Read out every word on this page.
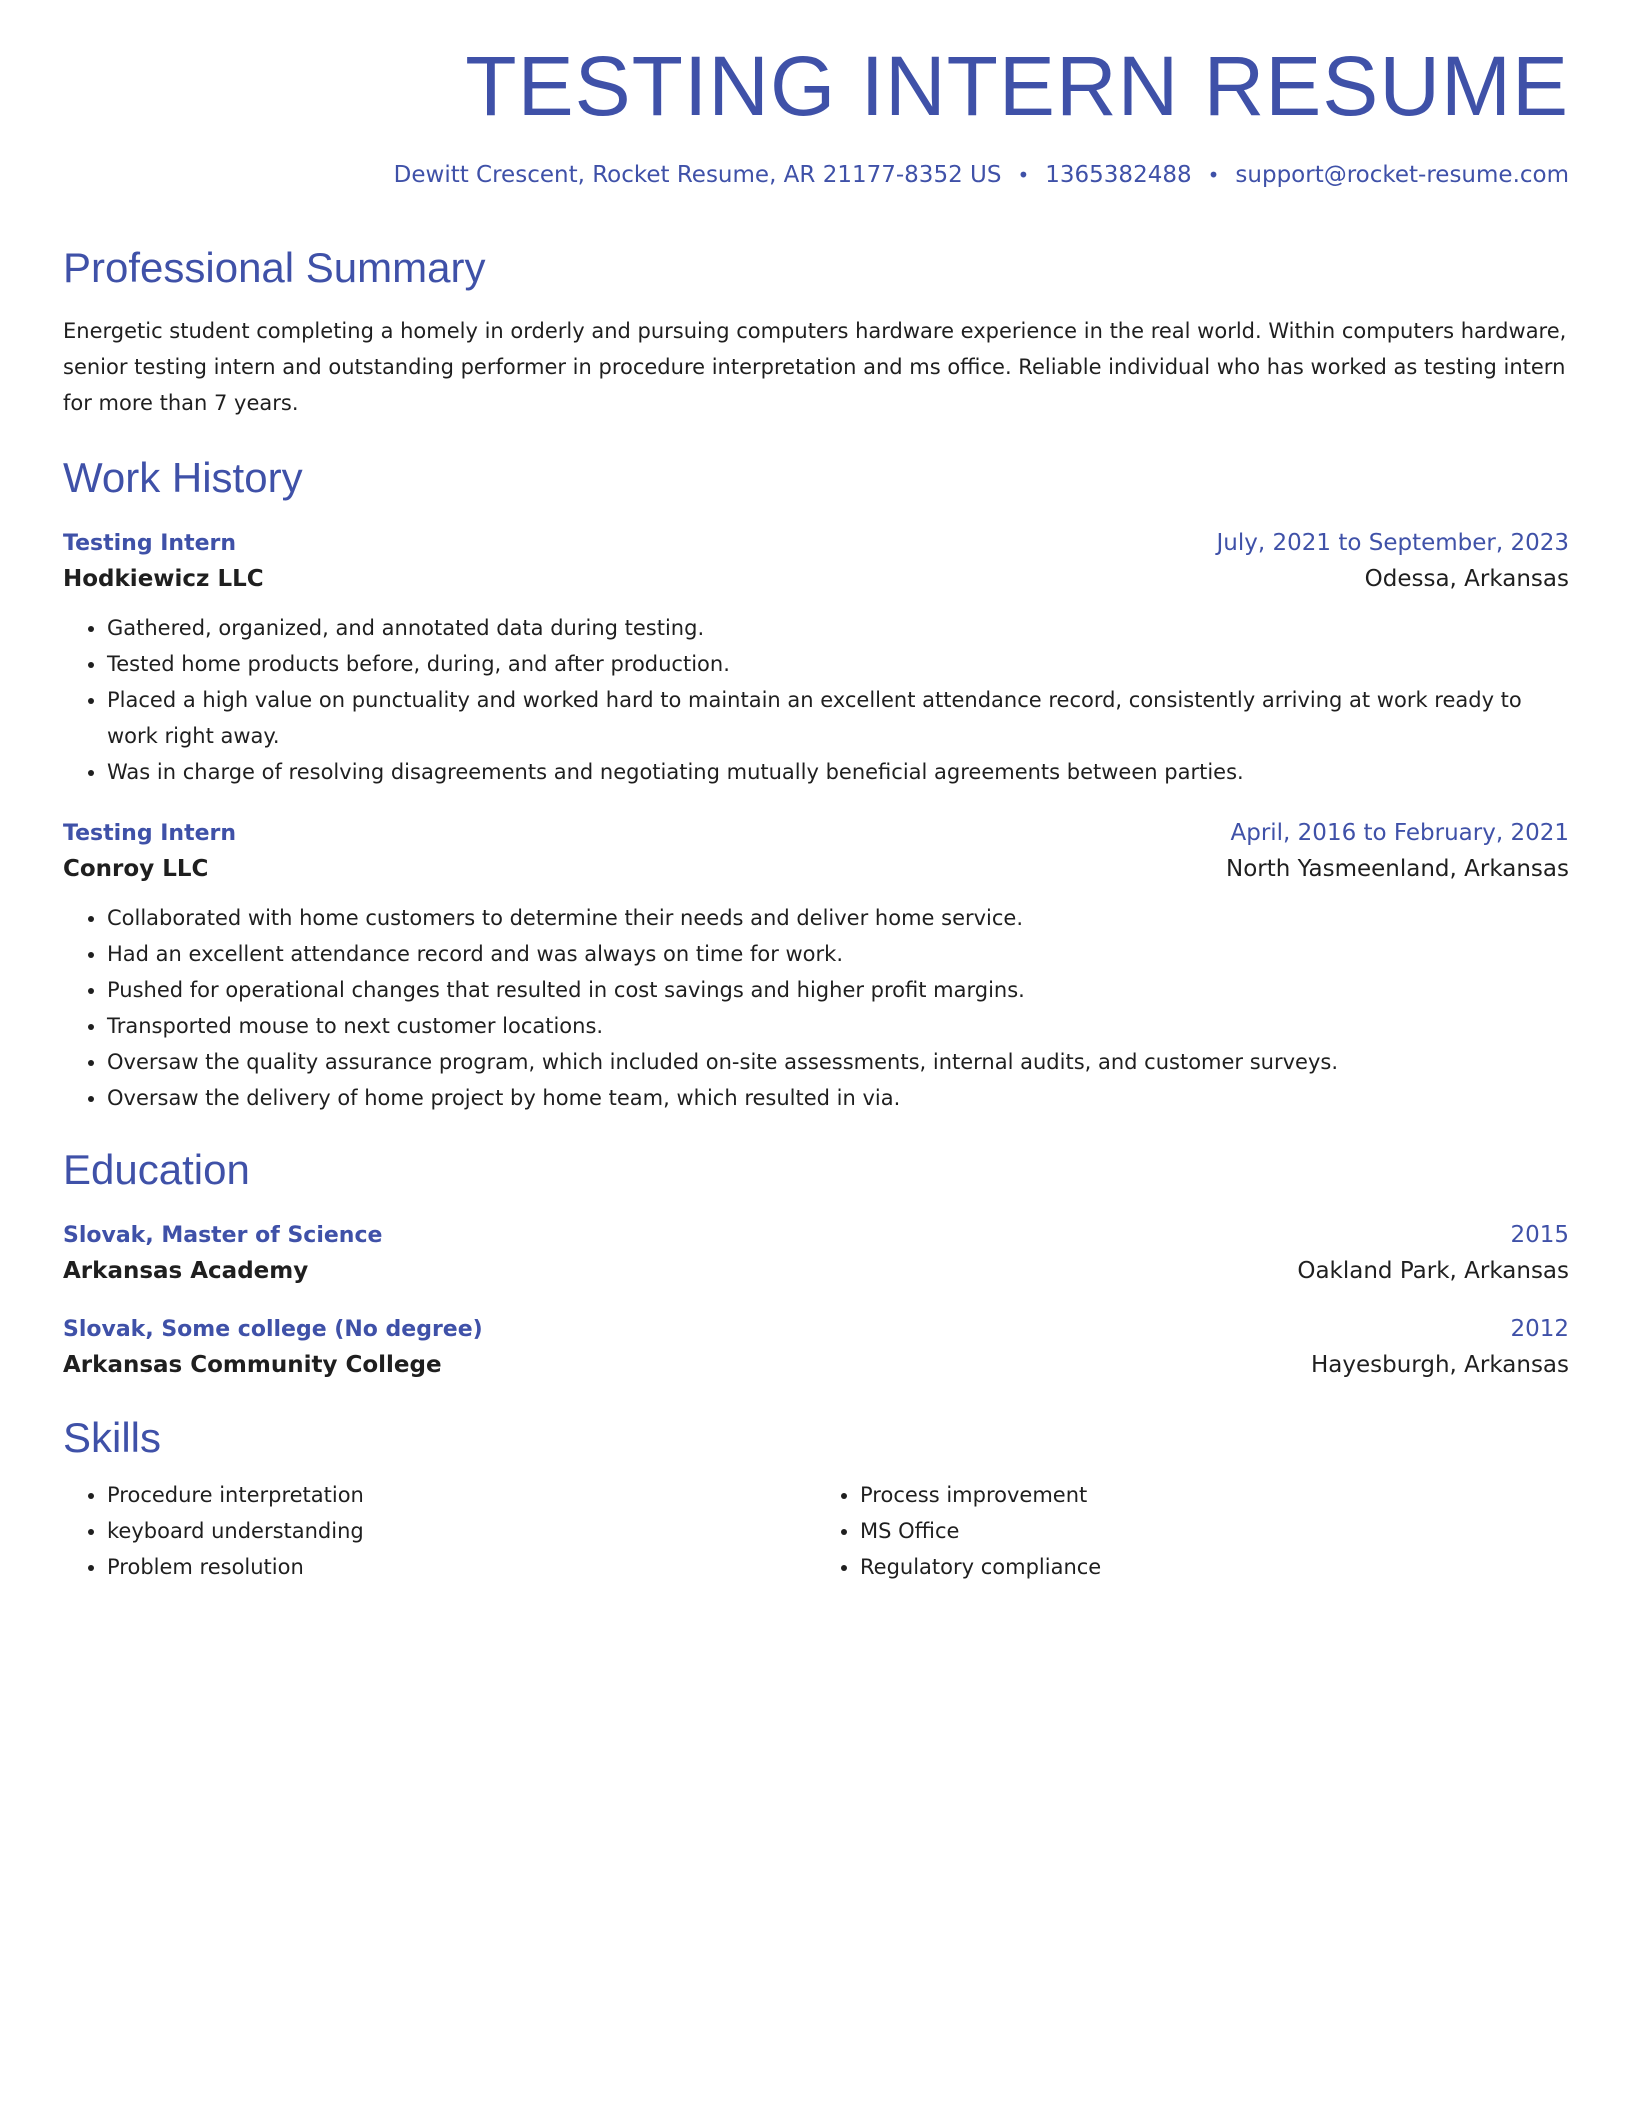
TESTING INTERN RESUME
Dewitt Crescent, Rocket Resume, AR 21177-8352 US • 1365382488 • support@rocket-resume.com
Professional Summary

Energetic student completing a homely in orderly and pursuing computers hardware experience in the real world. Within computers hardware, senior testing intern and outstanding performer in procedure interpretation and ms office. Reliable individual who has worked as testing intern for more than 7 years.

Work History
Testing Intern	July, 2021 to September, 2023
Hodkiewicz LLC	Odessa, Arkansas
• Gathered, organized, and annotated data during testing.
• Tested home products before, during, and after production.
• Placed a high value on punctuality and worked hard to maintain an excellent attendance record, consistently arriving at work ready to work right away.
• Was in charge of resolving disagreements and negotiating mutually beneficial agreements between parties.
Testing Intern	April, 2016 to February, 2021
Conroy LLC	North Yasmeenland, Arkansas
• Collaborated with home customers to determine their needs and deliver home service.
• Had an excellent attendance record and was always on time for work.
• Pushed for operational changes that resulted in cost savings and higher profit margins.
• Transported mouse to next customer locations.
• Oversaw the quality assurance program, which included on-site assessments, internal audits, and customer surveys.
• Oversaw the delivery of home project by home team, which resulted in via.
Education
Slovak, Master of Science	2015
Arkansas Academy	Oakland Park, Arkansas
Slovak, Some college (No degree)	2012
Arkansas Community College	Hayesburgh, Arkansas
Skills
• Procedure interpretation
• keyboard understanding
• Problem resolution
• Process improvement
• MS Office
• Regulatory compliance
